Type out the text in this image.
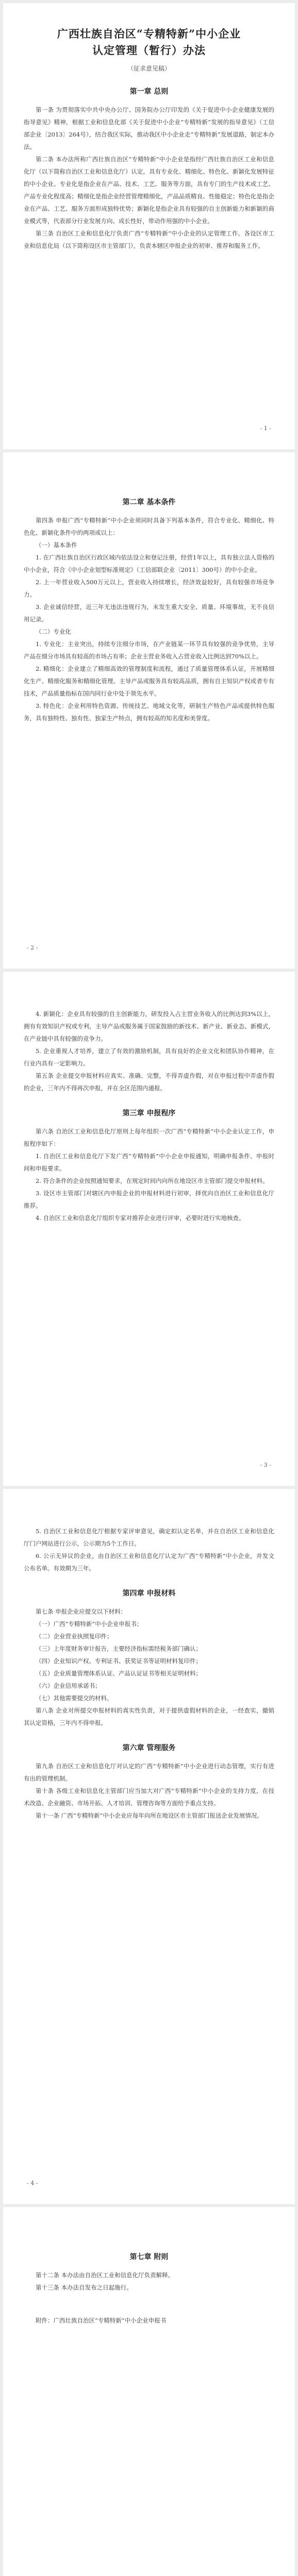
广西壮族自治区“专精特新”中小企业

认定管理（暂行）办法

（征求意见稿）
第一章 总则

第一条 为贯彻落实中共中央办公厅、国务院办公厅印发的《关于促进中小企业健康发展的指导意见》精神，根据工业和信息化部《关于促进中小企业“专精特新”发展的指导意见》（工信部企业〔2013〕264号），结合我区实际，推动我区中小企业走“专精特新”发展道路，制定本办法。

第二条 本办法所称广西壮族自治区“专精特新”中小企业是指经广西壮族自治区工业和信息化厅（以下简称自治区工业和信息化厅）认定，具有专业化、精细化、特色化、新颖化发展特征的中小企业。专业化是指企业在产品、技术、工艺、服务等方面，具有专门的生产技术或工艺、产品专业化程度高；精细化是指企业经营管理精细化，产品品质精良、性能稳定；特色化是指企业在产品、工艺、服务方面形成独特优势；新颖化是指企业具有较强的自主创新能力和新颖的商业模式等，代表部分行业发展方向、成长性好，带动作用强的中小企业。

第三条 自治区工业和信息化厅负责广西“专精特新”中小企业的认定管理工作。各设区市工业和信息化局（以下简称设区市主管部门），负责本辖区申报企业的初审、推荐和服务工作。

- 1 -
第二章 基本条件

第四条 申报广西“专精特新”中小企业须同时具备下列基本条件，符合专业化、精细化、特色化、新颖化条件中的两项或以上：

（一）基本条件

1. 在广西壮族自治区行政区域内依法设立和登记注册，经营1年以上，具有独立法人资格的中小企业，符合《中小企业划型标准规定》（工信部联企业〔2011〕300号）的中小企业。

2. 上一年营业收入500万元以上，营业收入持续增长，经济效益较好，具有较强市场竞争力。

3. 企业诚信经营，近三年无违法违规行为，未发生重大安全、质量、环境事故，无不良信用记录。

（二）专业化

1. 专业化：主业突出，持续专注细分市场，在产业链某一环节具有较强的竞争优势，主导产品在细分市场具有较高的市场占有率；企业主营业务收入占营业收入比例达到70%以上。

2. 精细化：企业建立了精细高效的管理制度和流程，通过了质量管理体系认证，开展精细化生产、精细化服务和精细化管理。主导产品或服务具有较高品质，拥有自主知识产权或者专有技术，产品质量指标在国内同行业中处于领先水平。

3. 特色化：企业利用特色资源、传统技艺、地域文化等，研制生产特色产品或提供特色服务，具有独特性、独有性、独家生产特点，拥有较高的知名度和美誉度。

- 2 -

4. 新颖化：企业具有较强的自主创新能力，研发投入占主营业务收入的比例达到3%以上，拥有有效知识产权或专利，主导产品或服务属于国家鼓励的新技术、新产业、新业态、新模式，在产业链中具有较强的竞争力。

5. 企业重视人才培养，建立了有效的激励机制，具有良好的企业文化和团队协作精神，在行业内具有一定影响力。

第五条 企业提交申报材料应真实、准确、完整，不得弄虚作假，对在申报过程中弄虚作假的企业，三年内不得再次申报，并在全区范围内通报。

第三章 申报程序

第六条 自治区工业和信息化厅原则上每年组织一次广西“专精特新”中小企业认定工作，申报程序如下：

1. 自治区工业和信息化厅下发广西“专精特新”中小企业申报通知，明确申报条件、申报时间和申报要求。

2. 符合条件的企业按照通知要求，在规定时间内向所在地设区市主管部门提交申报材料。

3. 设区市主管部门对辖区内申报企业的申报材料进行初审，择优向自治区工业和信息化厅推荐。

4. 自治区工业和信息化厅组织专家对推荐企业进行评审，必要时进行实地核查。

- 3 -

5. 自治区工业和信息化厅根据专家评审意见，确定拟认定名单，并在自治区工业和信息化厅门户网站进行公示，公示期为5个工作日。

6. 公示无异议的企业，由自治区工业和信息化厅认定为广西“专精特新”中小企业，并发文公布名单。有效期为三年。

第四章 申报材料

第七条 申报企业应提交以下材料：

（一）广西“专精特新”中小企业申报书；

（二）企业营业执照复印件；

（三）上年度财务审计报告，主要经济指标需经税务部门确认；

（四）企业知识产权、专利证书、获奖证书等证明材料复印件；

（五）企业质量管理体系认证、产品认证证书等相关证明材料；

（六）企业信用承诺书；

（七）其他需要提交的材料。

第八条 企业对所提交申报材料的真实性负责，对于提供虚假材料的企业，一经查实，撤销其认定资格，三年内不得申报。

第六章 管理服务

第九条 自治区工业和信息化厅对认定的广西“专精特新”中小企业进行动态管理，实行有进有出的管理机制。

第十条 各级工业和信息化主管部门应当加大对广西“专精特新”中小企业的支持力度，在技术改造、企业融资、市场开拓、人才培训、管理咨询等方面给予重点支持。

第十一条 广西“专精特新”中小企业应每年向所在地设区市主管部门报送企业发展情况。

- 4 -
第七章 附则

第十二条 本办法由自治区工业和信息化厅负责解释。

第十三条 本办法自发布之日起施行。

附件：广西壮族自治区“专精特新”中小企业申报书
